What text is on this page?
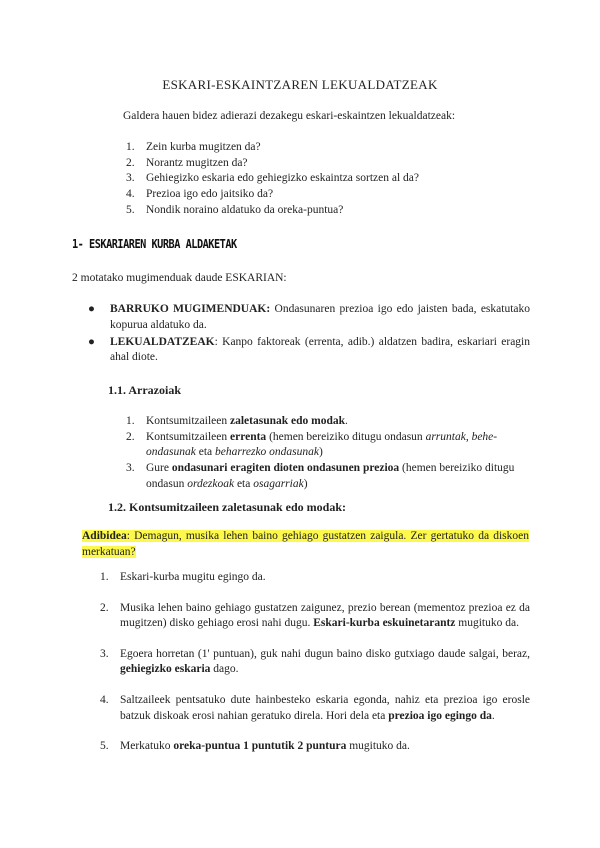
ESKARI-ESKAINTZAREN LEKUALDATZEAK
Galdera hauen bidez adierazi dezakegu eskari-eskaintzen lekualdatzeak:
1. Zein kurba mugitzen da?
2. Norantz mugitzen da?
3. Gehiegizko eskaria edo gehiegizko eskaintza sortzen al da?
4. Prezioa igo edo jaitsiko da?
5. Nondik noraino aldatuko da oreka-puntua?
1- ESKARIAREN KURBA ALDAKETAK
2 motatako mugimenduak daude ESKARIAN:
●	BARRUKO MUGIMENDUAK: Ondasunaren prezioa igo edo jaisten bada, eskatutako kopurua aldatuko da.
●	LEKUALDATZEAK: Kanpo faktoreak (errenta, adib.) aldatzen badira, eskariari eragin ahal diote.
1.1. Arrazoiak
1. Kontsumitzaileen zaletasunak edo modak.
2. Kontsumitzaileen errenta (hemen bereiziko ditugu ondasun arruntak, behe-ondasunak eta beharrezko ondasunak)
3. Gure ondasunari eragiten dioten ondasunen prezioa (hemen bereiziko ditugu ondasun ordezkoak eta osagarriak)
1.2. Kontsumitzaileen zaletasunak edo modak:
Adibidea: Demagun, musika lehen baino gehiago gustatzen zaigula. Zer gertatuko da diskoen merkatuan?
1. Eskari-kurba mugitu egingo da.
2. Musika lehen baino gehiago gustatzen zaigunez, prezio berean (mementoz prezioa ez da mugitzen) disko gehiago erosi nahi dugu. Eskari-kurba eskuinetarantz mugituko da.
3. Egoera horretan (1' puntuan), guk nahi dugun baino disko gutxiago daude salgai, beraz, gehiegizko eskaria dago.
4. Saltzaileek pentsatuko dute hainbesteko eskaria egonda, nahiz eta prezioa igo erosle batzuk diskoak erosi nahian geratuko direla. Hori dela eta prezioa igo egingo da.
5. Merkatuko oreka-puntua 1 puntutik 2 puntura mugituko da.
